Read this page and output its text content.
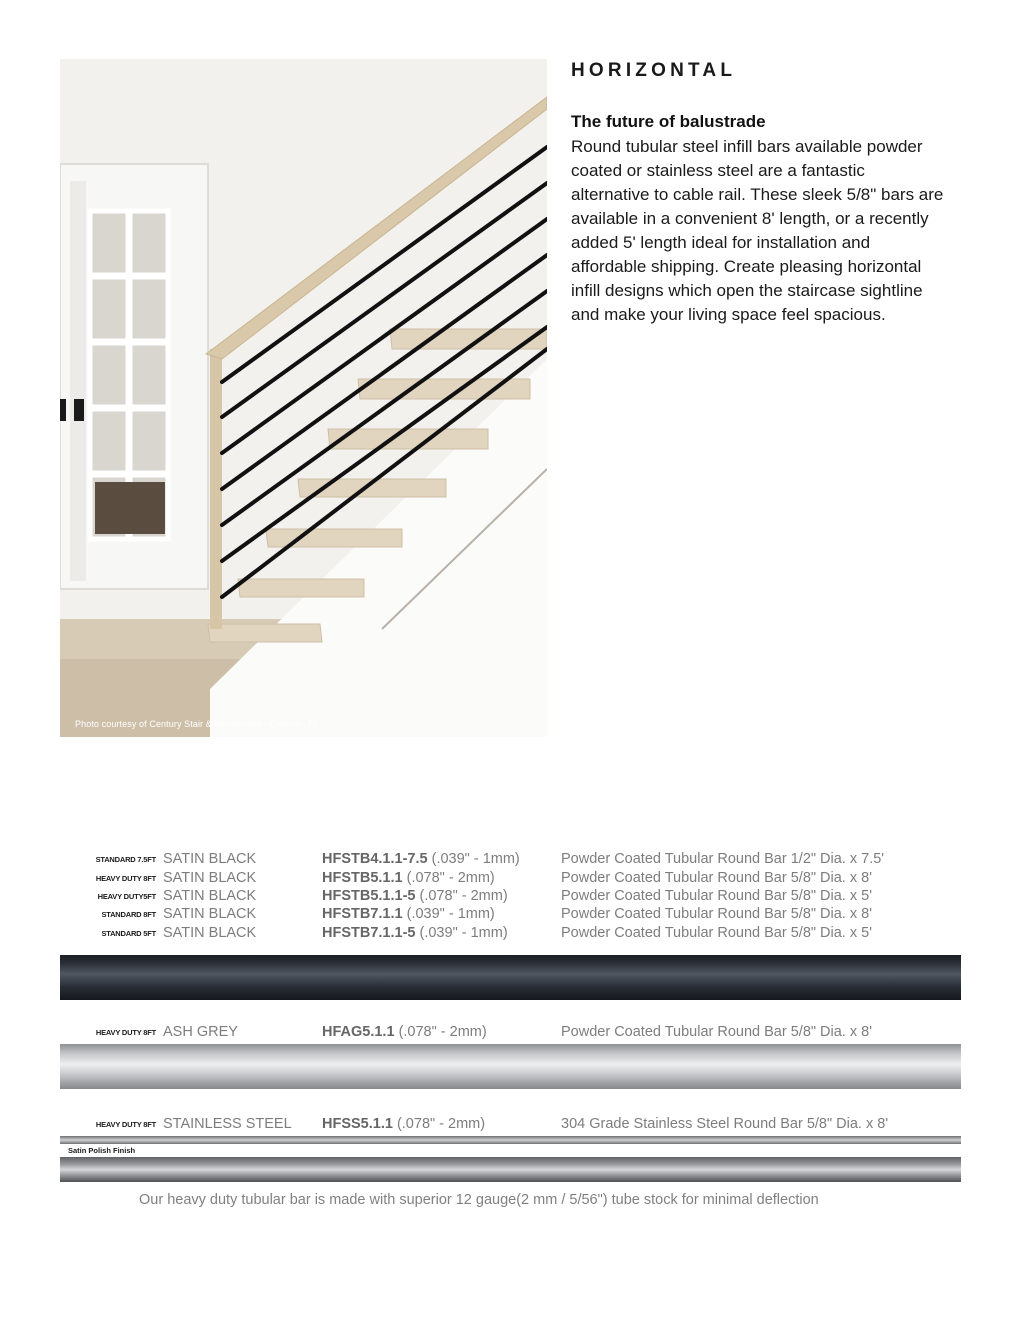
Photo courtesy of Century Stair & Woodworks - Orlando, FL
HORIZONTAL
The future of balustrade
Round tubular steel infill bars available powder coated or stainless steel are a fantastic alternative to cable rail. These sleek 5/8" bars are available in a convenient 8' length, or a recently added 5' length ideal for installation and affordable shipping. Create pleasing horizontal infill designs which open the staircase sightline and make your living space feel spacious.
STANDARD 7.5FT SATIN BLACK	HFSTB4.1.1-7.5 (.039" - 1mm)	Powder Coated Tubular Round Bar 1/2" Dia. x 7.5'
HEAVY DUTY 8FT SATIN BLACK	HFSTB5.1.1 (.078" - 2mm)	Powder Coated Tubular Round Bar 5/8" Dia. x 8'
HEAVY DUTY5FT SATIN BLACK	HFSTB5.1.1-5 (.078" - 2mm)	Powder Coated Tubular Round Bar 5/8" Dia. x 5'
STANDARD 8FT SATIN BLACK	HFSTB7.1.1 (.039" - 1mm)	Powder Coated Tubular Round Bar 5/8" Dia. x 8'
STANDARD 5FT SATIN BLACK	HFSTB7.1.1-5 (.039" - 1mm)	Powder Coated Tubular Round Bar 5/8" Dia. x 5'
HEAVY DUTY 8FT ASH GREY	HFAG5.1.1 (.078" - 2mm)	Powder Coated Tubular Round Bar 5/8" Dia. x 8'
HEAVY DUTY 8FT STAINLESS STEEL HFSS5.1.1 (.078" - 2mm)	304 Grade Stainless Steel Round Bar 5/8" Dia. x 8'
Satin Polish Finish
Our heavy duty tubular bar is made with superior 12 gauge(2 mm / 5/56") tube stock for minimal deflection
